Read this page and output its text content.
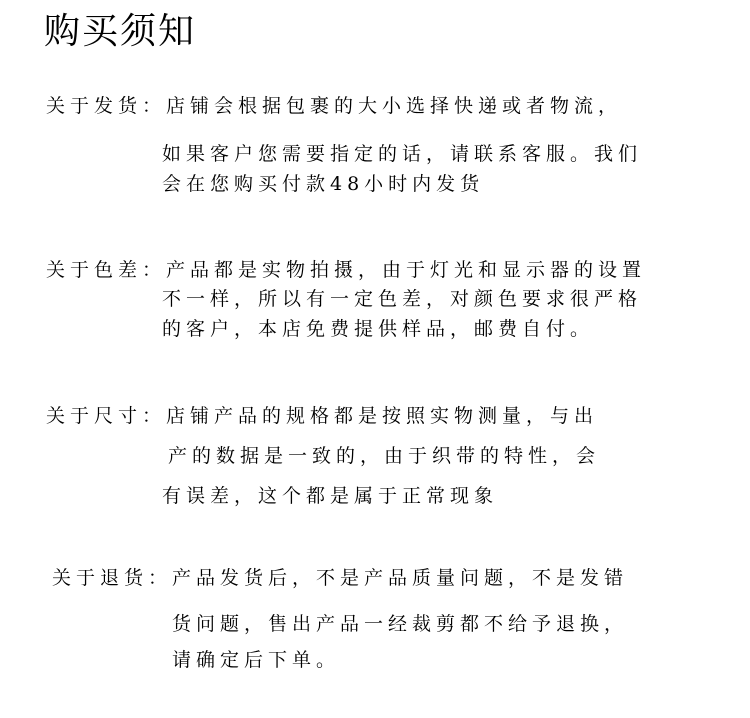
购买须知
关于发货：店铺会根据包裹的大小选择快递或者物流，
如果客户您需要指定的话，请联系客服。我们
会在您购买付款48小时内发货
关于色差：产品都是实物拍摄，由于灯光和显示器的设置
不一样，所以有一定色差，对颜色要求很严格
的客户，本店免费提供样品，邮费自付。
关于尺寸：店铺产品的规格都是按照实物测量，与出
产的数据是一致的，由于织带的特性，会
有误差，这个都是属于正常现象
关于退货：产品发货后，不是产品质量问题，不是发错
货问题，售出产品一经裁剪都不给予退换，
请确定后下单。
